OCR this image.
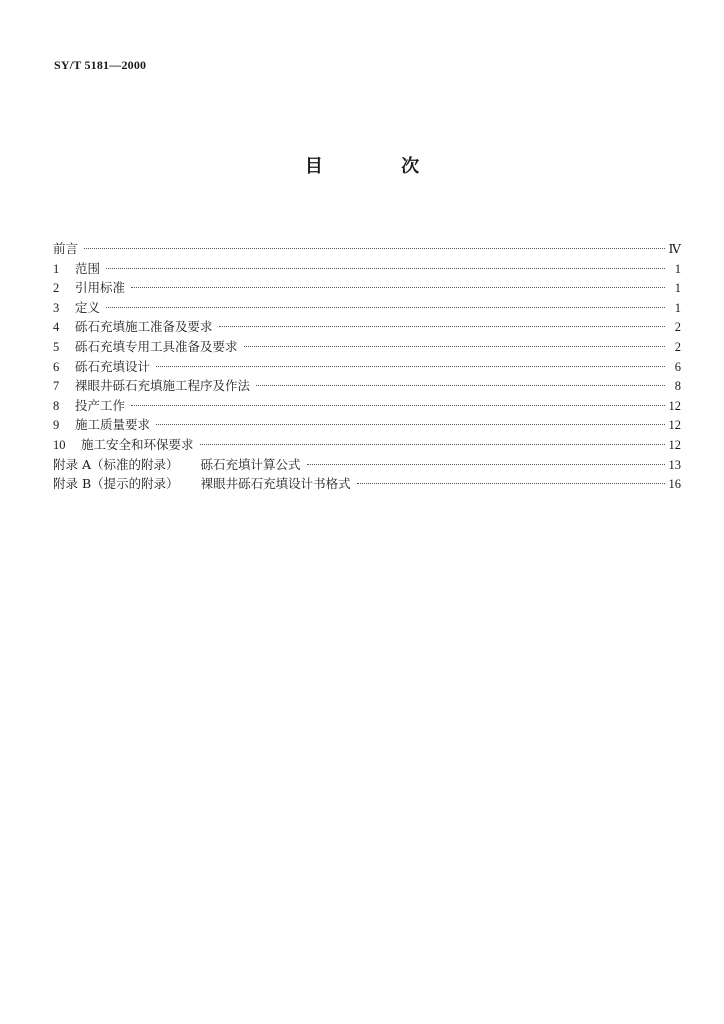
SY/T 5181—2000
目 次
前言	Ⅳ
1 范围	1
2 引用标准	1
3 定义	1
4 砾石充填施工准备及要求	2
5 砾石充填专用工具准备及要求	2
6 砾石充填设计	6
7 裸眼井砾石充填施工程序及作法	8
8 投产工作	12
9 施工质量要求	12
10 施工安全和环保要求	12
附录 A（标准的附录） 砾石充填计算公式	13
附录 B（提示的附录） 裸眼井砾石充填设计书格式	16
